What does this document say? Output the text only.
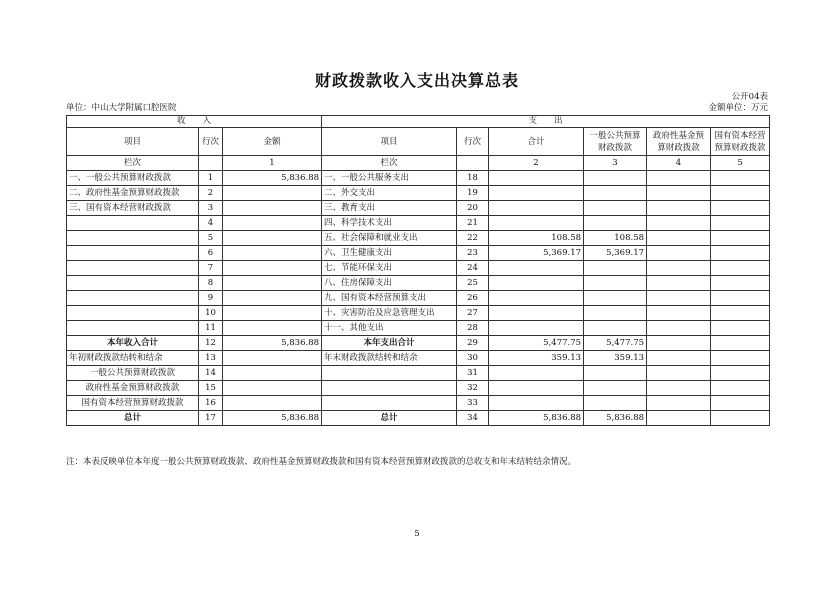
财政拨款收入支出决算总表
公开04表
单位：中山大学附属口腔医院	金额单位：万元
收　　入			支　　出					
项目	行次	金额	项目	行次	合计	一般公共预算财政拨款	政府性基金预算财政拨款	国有资本经营预算财政拨款
栏次		1	栏次		2	3	4	5
一、一般公共预算财政拨款	1	5,836.88	一、一般公共服务支出	18				
二、政府性基金预算财政拨款	2		二、外交支出	19				
三、国有资本经营财政拨款	3		三、教育支出	20				
	4		四、科学技术支出	21				
	5		五、社会保障和就业支出	22	108.58	108.58		
	6		六、卫生健康支出	23	5,369.17	5,369.17		
	7		七、节能环保支出	24				
	8		八、住房保障支出	25				
	9		九、国有资本经营预算支出	26				
	10		十、灾害防治及应急管理支出	27				
	11		十一、其他支出	28				
本年收入合计	12	5,836.88	本年支出合计	29	5,477.75	5,477.75		
年初财政拨款结转和结余	13		年末财政拨款结转和结余	30	359.13	359.13		
一般公共预算财政拨款	14			31				
政府性基金预算财政拨款	15			32				
国有资本经营预算财政拨款	16			33				
总计	17	5,836.88	总计	34	5,836.88	5,836.88		
注：本表反映单位本年度一般公共预算财政拨款、政府性基金预算财政拨款和国有资本经营预算财政拨款的总收支和年末结转结余情况。
5
